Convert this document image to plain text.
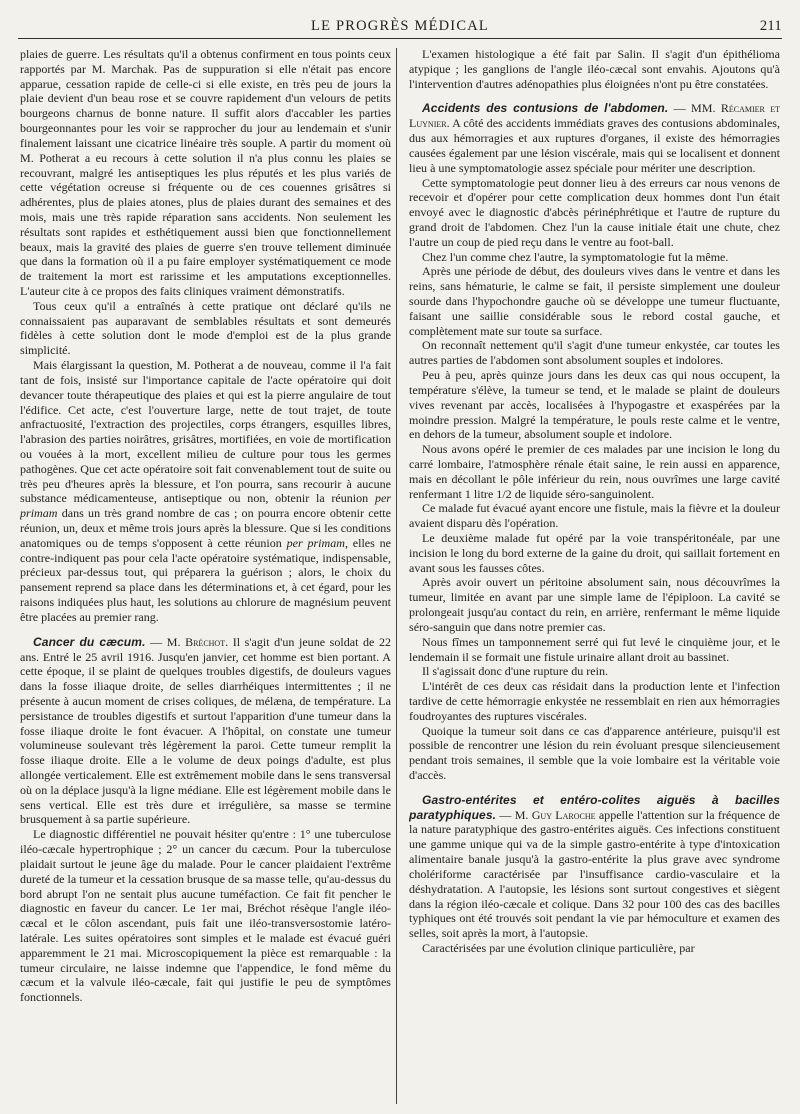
LE PROGRÈS MÉDICAL	211

plaies de guerre. Les résultats qu'il a obtenus confirment en tous points ceux rapportés par M. Marchak. Pas de suppuration si elle n'était pas encore apparue, cessation rapide de celle-ci si elle existe, en très peu de jours la plaie devient d'un beau rose et se couvre rapidement d'un velours de petits bourgeons charnus de bonne nature. Il suffit alors d'accabler les parties bourgeonnantes pour les voir se rapprocher du jour au lendemain et s'unir finalement laissant une cicatrice linéaire très souple. A partir du moment où M. Potherat a eu recours à cette solution il n'a plus connu les plaies se recouvrant, malgré les antiseptiques les plus réputés et les plus variés de cette végétation ocreuse si fréquente ou de ces couennes grisâtres si adhérentes, plus de plaies atones, plus de plaies durant des semaines et des mois, mais une très rapide réparation sans accidents. Non seulement les résultats sont rapides et esthétiquement aussi bien que fonctionnellement beaux, mais la gravité des plaies de guerre s'en trouve tellement diminuée que dans la formation où il a pu faire employer systématiquement ce mode de traitement la mort est rarissime et les amputations exceptionnelles. L'auteur cite à ce propos des faits cliniques vraiment démonstratifs.

Tous ceux qu'il a entraînés à cette pratique ont déclaré qu'ils ne connaissaient pas auparavant de semblables résultats et sont demeurés fidèles à cette solution dont le mode d'emploi est de la plus grande simplicité.

Mais élargissant la question, M. Potherat a de nouveau, comme il l'a fait tant de fois, insisté sur l'importance capitale de l'acte opératoire qui doit devancer toute thérapeutique des plaies et qui est la pierre angulaire de tout l'édifice. Cet acte, c'est l'ouverture large, nette de tout trajet, de toute anfractuosité, l'extraction des projectiles, corps étrangers, esquilles libres, l'abrasion des parties noirâtres, grisâtres, mortifiées, en voie de mortification ou vouées à la mort, excellent milieu de culture pour tous les germes pathogènes. Que cet acte opératoire soit fait convenablement tout de suite ou très peu d'heures après la blessure, et l'on pourra, sans recourir à aucune substance médicamenteuse, antiseptique ou non, obtenir la réunion per primam dans un très grand nombre de cas ; on pourra encore obtenir cette réunion, un, deux et même trois jours après la blessure. Que si les conditions anatomiques ou de temps s'opposent à cette réunion per primam, elles ne contre-indiquent pas pour cela l'acte opératoire systématique, indispensable, précieux par-dessus tout, qui préparera la guérison ; alors, le choix du pansement reprend sa place dans les déterminations et, à cet égard, pour les raisons indiquées plus haut, les solutions au chlorure de magnésium peuvent être placées au premier rang.

Cancer du cæcum. — M. Bréchot. Il s'agit d'un jeune soldat de 22 ans. Entré le 25 avril 1916. Jusqu'en janvier, cet homme est bien portant. A cette époque, il se plaint de quelques troubles digestifs, de douleurs vagues dans la fosse iliaque droite, de selles diarrhéiques intermittentes ; il ne présente à aucun moment de crises coliques, de mélæna, de température. La persistance de troubles digestifs et surtout l'apparition d'une tumeur dans la fosse iliaque droite le font évacuer. A l'hôpital, on constate une tumeur volumineuse soulevant très légèrement la paroi. Cette tumeur remplit la fosse iliaque droite. Elle a le volume de deux poings d'adulte, est plus allongée verticalement. Elle est extrêmement mobile dans le sens transversal où on la déplace jusqu'à la ligne médiane. Elle est légèrement mobile dans le sens vertical. Elle est très dure et irrégulière, sa masse se termine brusquement à sa partie supérieure.

Le diagnostic différentiel ne pouvait hésiter qu'entre : 1° une tuberculose iléo-cæcale hypertrophique ; 2° un cancer du cæcum. Pour la tuberculose plaidait surtout le jeune âge du malade. Pour le cancer plaidaient l'extrême dureté de la tumeur et la cessation brusque de sa masse telle, qu'au-dessus du bord abrupt l'on ne sentait plus aucune tuméfaction. Ce fait fit pencher le diagnostic en faveur du cancer. Le 1er mai, Bréchot résèque l'angle iléo-cæcal et le côlon ascendant, puis fait une iléo-transversostomie latéro-latérale. Les suites opératoires sont simples et le malade est évacué guéri apparemment le 21 mai. Microscopiquement la pièce est remarquable : la tumeur circulaire, ne laisse indemne que l'appendice, le fond même du cæcum et la valvule iléo-cæcale, fait qui justifie le peu de symptômes fonctionnels.

L'examen histologique a été fait par Salin. Il s'agit d'un épithélioma atypique ; les ganglions de l'angle iléo-cæcal sont envahis. Ajoutons qu'à l'intervention d'autres adénopathies plus éloignées n'ont pu être constatées.

Accidents des contusions de l'abdomen. — MM. Récamier et Luynier. A côté des accidents immédiats graves des contusions abdominales, dus aux hémorragies et aux ruptures d'organes, il existe des hémorragies causées également par une lésion viscérale, mais qui se localisent et donnent lieu à une symptomatologie assez spéciale pour mériter une description.

Cette symptomatologie peut donner lieu à des erreurs car nous venons de recevoir et d'opérer pour cette complication deux hommes dont l'un était envoyé avec le diagnostic d'abcès périnéphrétique et l'autre de rupture du grand droit de l'abdomen. Chez l'un la cause initiale était une chute, chez l'autre un coup de pied reçu dans le ventre au foot-ball.

Chez l'un comme chez l'autre, la symptomatologie fut la même.

Après une période de début, des douleurs vives dans le ventre et dans les reins, sans hématurie, le calme se fait, il persiste simplement une douleur sourde dans l'hypochondre gauche où se développe une tumeur fluctuante, faisant une saillie considérable sous le rebord costal gauche, et complètement mate sur toute sa surface.

On reconnaît nettement qu'il s'agit d'une tumeur enkystée, car toutes les autres parties de l'abdomen sont absolument souples et indolores.

Peu à peu, après quinze jours dans les deux cas qui nous occupent, la température s'élève, la tumeur se tend, et le malade se plaint de douleurs vives revenant par accès, localisées à l'hypogastre et exaspérées par la moindre pression. Malgré la température, le pouls reste calme et le ventre, en dehors de la tumeur, absolument souple et indolore.

Nous avons opéré le premier de ces malades par une incision le long du carré lombaire, l'atmosphère rénale était saine, le rein aussi en apparence, mais en décollant le pôle inférieur du rein, nous ouvrîmes une large cavité renfermant 1 litre 1/2 de liquide séro-sanguinolent.

Ce malade fut évacué ayant encore une fistule, mais la fièvre et la douleur avaient disparu dès l'opération.

Le deuxième malade fut opéré par la voie transpéritonéale, par une incision le long du bord externe de la gaine du droit, qui saillait fortement en avant sous les fausses côtes.

Après avoir ouvert un péritoine absolument sain, nous découvrîmes la tumeur, limitée en avant par une simple lame de l'épiploon. La cavité se prolongeait jusqu'au contact du rein, en arrière, renfermant le même liquide séro-sanguin que dans notre premier cas.

Nous fîmes un tamponnement serré qui fut levé le cinquième jour, et le lendemain il se formait une fistule urinaire allant droit au bassinet.

Il s'agissait donc d'une rupture du rein.

L'intérêt de ces deux cas résidait dans la production lente et l'infection tardive de cette hémorragie enkystée ne ressemblait en rien aux hémorragies foudroyantes des ruptures viscérales.

Quoique la tumeur soit dans ce cas d'apparence antérieure, puisqu'il est possible de rencontrer une lésion du rein évoluant presque silencieusement pendant trois semaines, il semble que la voie lombaire est la véritable voie d'accès.

Gastro-entérites et entéro-colites aiguës à bacilles paratyphiques. — M. Guy Laroche appelle l'attention sur la fréquence de la nature paratyphique des gastro-entérites aiguës. Ces infections constituent une gamme unique qui va de la simple gastro-entérite à type d'intoxication alimentaire banale jusqu'à la gastro-entérite la plus grave avec syndrome cholériforme caractérisée par l'insuffisance cardio-vasculaire et la déshydratation. A l'autopsie, les lésions sont surtout congestives et siègent dans la région iléo-cæcale et colique. Dans 32 pour 100 des cas des bacilles typhiques ont été trouvés soit pendant la vie par hémoculture et examen des selles, soit après la mort, à l'autopsie.

Caractérisées par une évolution clinique particulière, par
